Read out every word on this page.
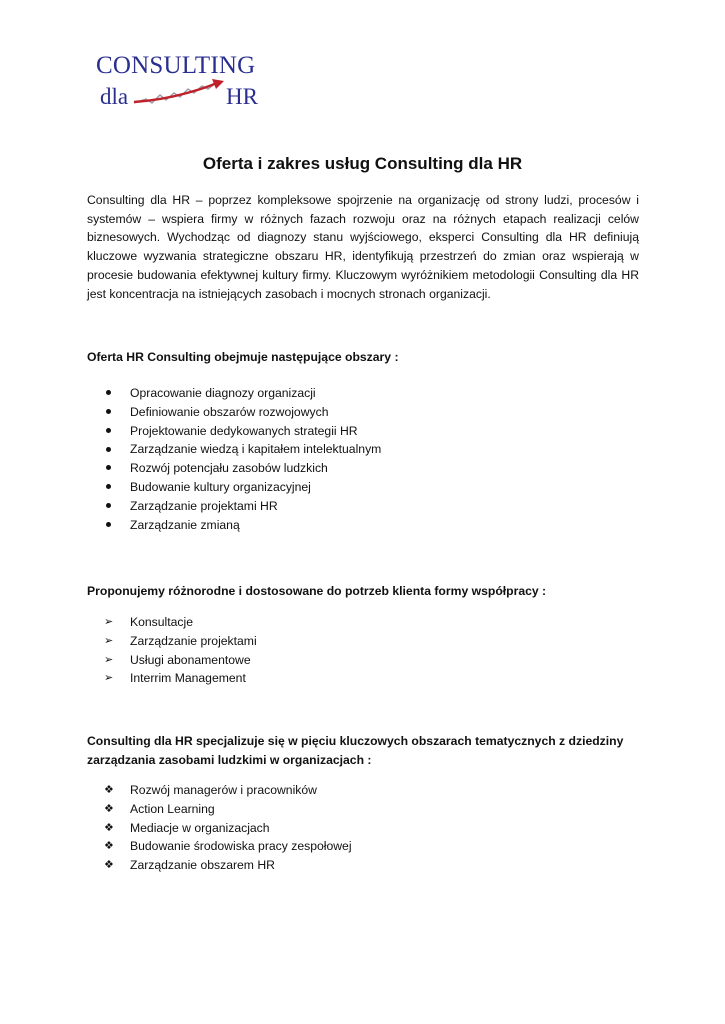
CONSULTING
dla	HR
Oferta i zakres usług Consulting dla HR

Consulting dla HR – poprzez kompleksowe spojrzenie na organizację od strony ludzi, procesów i systemów – wspiera firmy w różnych fazach rozwoju oraz na różnych etapach realizacji celów biznesowych. Wychodząc od diagnozy stanu wyjściowego, eksperci Consulting dla HR definiują kluczowe wyzwania strategiczne obszaru HR, identyfikują przestrzeń do zmian oraz wspierają w procesie budowania efektywnej kultury firmy. Kluczowym wyróżnikiem metodologii Consulting dla HR jest koncentracja na istniejących zasobach i mocnych stronach organizacji.

Oferta HR Consulting obejmuje następujące obszary :

Opracowanie diagnozy organizacji
Definiowanie obszarów rozwojowych
Projektowanie dedykowanych strategii HR
Zarządzanie wiedzą i kapitałem intelektualnym
Rozwój potencjału zasobów ludzkich
Budowanie kultury organizacyjnej
Zarządzanie projektami HR
Zarządzanie zmianą

Proponujemy różnorodne i dostosowane do potrzeb klienta formy współpracy :

➢	Konsultacje
➢	Zarządzanie projektami
➢	Usługi abonamentowe
➢	Interrim Management

Consulting dla HR specjalizuje się w pięciu kluczowych obszarach tematycznych z dziedziny zarządzania zasobami ludzkimi w organizacjach :

❖	Rozwój managerów i pracowników
❖	Action Learning
❖	Mediacje w organizacjach
❖	Budowanie środowiska pracy zespołowej
❖	Zarządzanie obszarem HR
